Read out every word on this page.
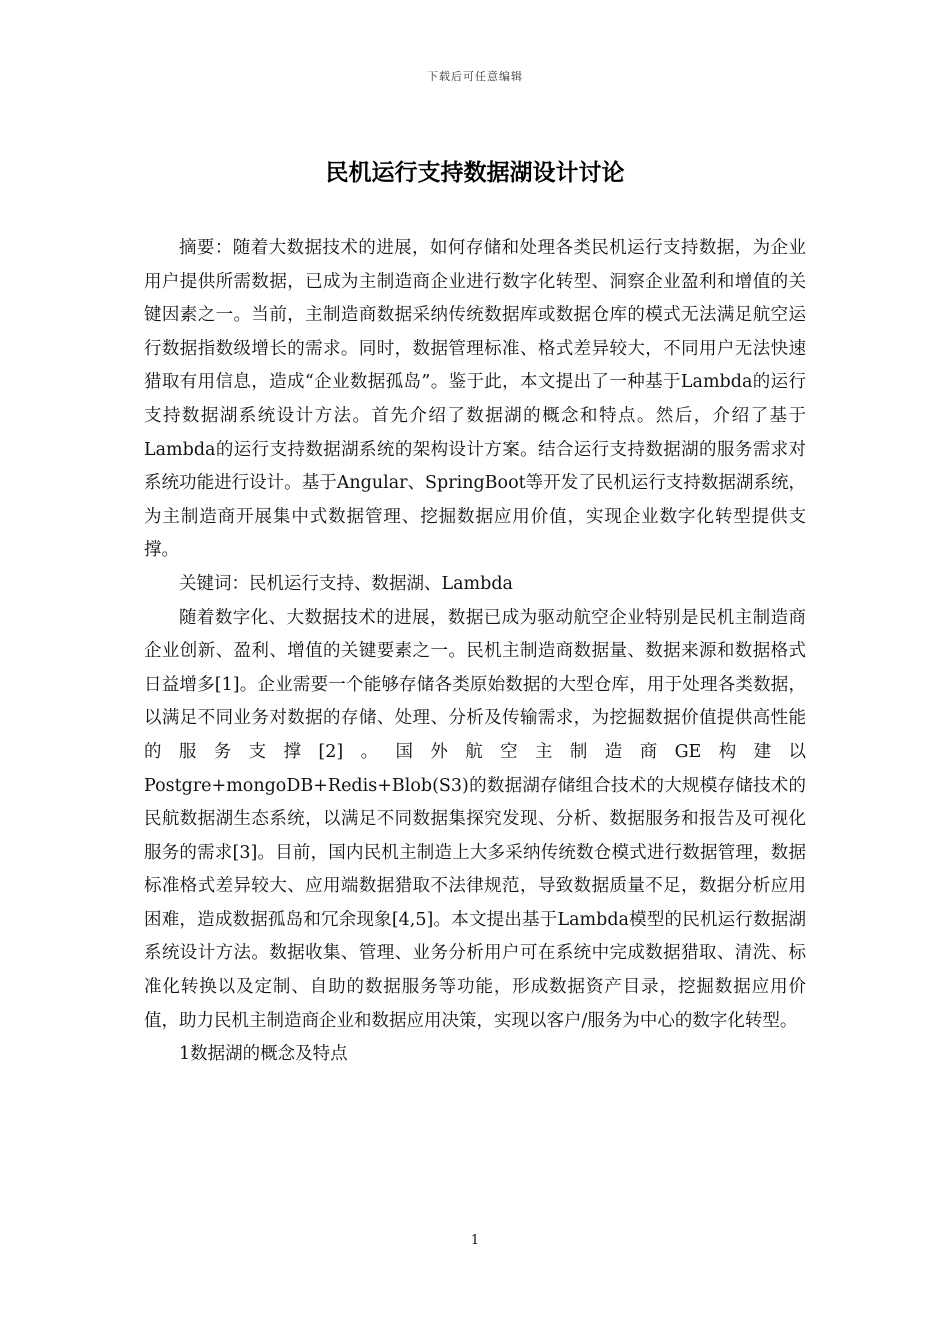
下载后可任意编辑
民机运行支持数据湖设计讨论

摘要：随着大数据技术的进展，如何存储和处理各类民机运行支持数据，为企业用户提供所需数据，已成为主制造商企业进行数字化转型、洞察企业盈利和增值的关键因素之一。当前，主制造商数据采纳传统数据库或数据仓库的模式无法满足航空运行数据指数级增长的需求。同时，数据管理标准、格式差异较大，不同用户无法快速猎取有用信息，造成“企业数据孤岛”。鉴于此，本文提出了一种基于Lambda的运行支持数据湖系统设计方法。首先介绍了数据湖的概念和特点。然后，介绍了基于Lambda的运行支持数据湖系统的架构设计方案。结合运行支持数据湖的服务需求对系统功能进行设计。基于Angular、SpringBoot等开发了民机运行支持数据湖系统，为主制造商开展集中式数据管理、挖掘数据应用价值，实现企业数字化转型提供支撑。

关键词：民机运行支持、数据湖、Lambda

随着数字化、大数据技术的进展，数据已成为驱动航空企业特别是民机主制造商企业创新、盈利、增值的关键要素之一。民机主制造商数据量、数据来源和数据格式日益增多[1]。企业需要一个能够存储各类原始数据的大型仓库，用于处理各类数据，以满足不同业务对数据的存储、处理、分析及传输需求，为挖掘数据价值提供高性能的服务支撑[2]。国外航空主制造商GE构建以Postgre+mongoDB+Redis+Blob(S3)的数据湖存储组合技术的大规模存储技术的民航数据湖生态系统，以满足不同数据集探究发现、分析、数据服务和报告及可视化服务的需求[3]。目前，国内民机主制造上大多采纳传统数仓模式进行数据管理，数据标准格式差异较大、应用端数据猎取不法律规范，导致数据质量不足，数据分析应用困难，造成数据孤岛和冗余现象[4,5]。本文提出基于Lambda模型的民机运行数据湖系统设计方法。数据收集、管理、业务分析用户可在系统中完成数据猎取、清洗、标准化转换以及定制、自助的数据服务等功能，形成数据资产目录，挖掘数据应用价值，助力民机主制造商企业和数据应用决策，实现以客户/服务为中心的数字化转型。

1数据湖的概念及特点

1
